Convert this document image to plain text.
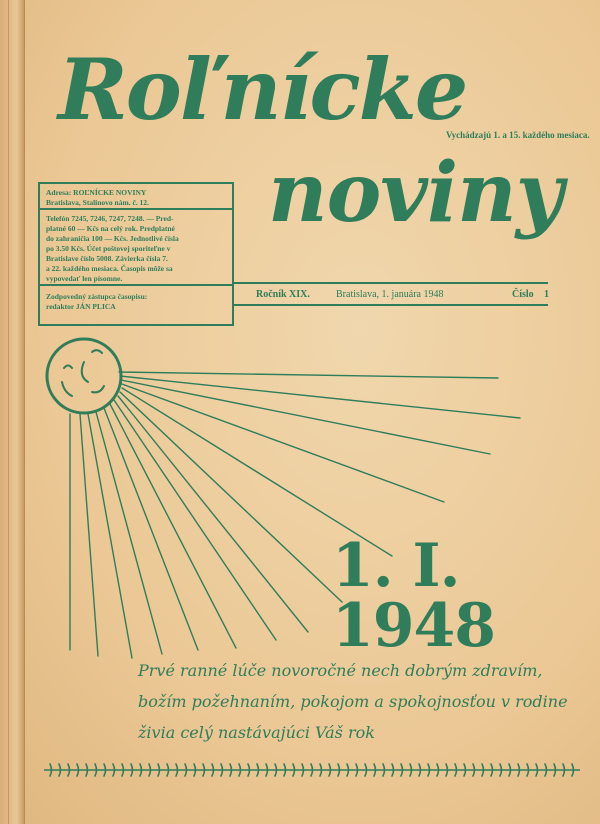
Roľnícke
noviny
Vychádzajú 1. a 15. každého mesiaca.
Adresa: ROĽNÍCKE NOVINY
Bratislava, Stalinovo nám. č. 12.
Telefón 7245, 7246, 7247, 7248. — Pred-
platné 60 — Kčs na celý rok. Predplatné
do zahraničia 100 — Kčs. Jednotlivé čísla
po 3.50 Kčs. Účet poštovej sporiteľne v
Bratislave číslo 5008. Závierka čísla 7.
a 22. každého mesiaca. Časopis môže sa
vypovedať len písomne.
Zodpovedný zástupca časopisu:
redaktor JÁN PLICA
Ročník XIX.	Bratislava, 1. januára 1948	Číslo 1
1. I. 1948
Prvé ranné lúče novoročné nech dobrým zdravím,
božím požehnaním, pokojom a spokojnosťou v rodine
živia celý nastávajúci Váš rok
